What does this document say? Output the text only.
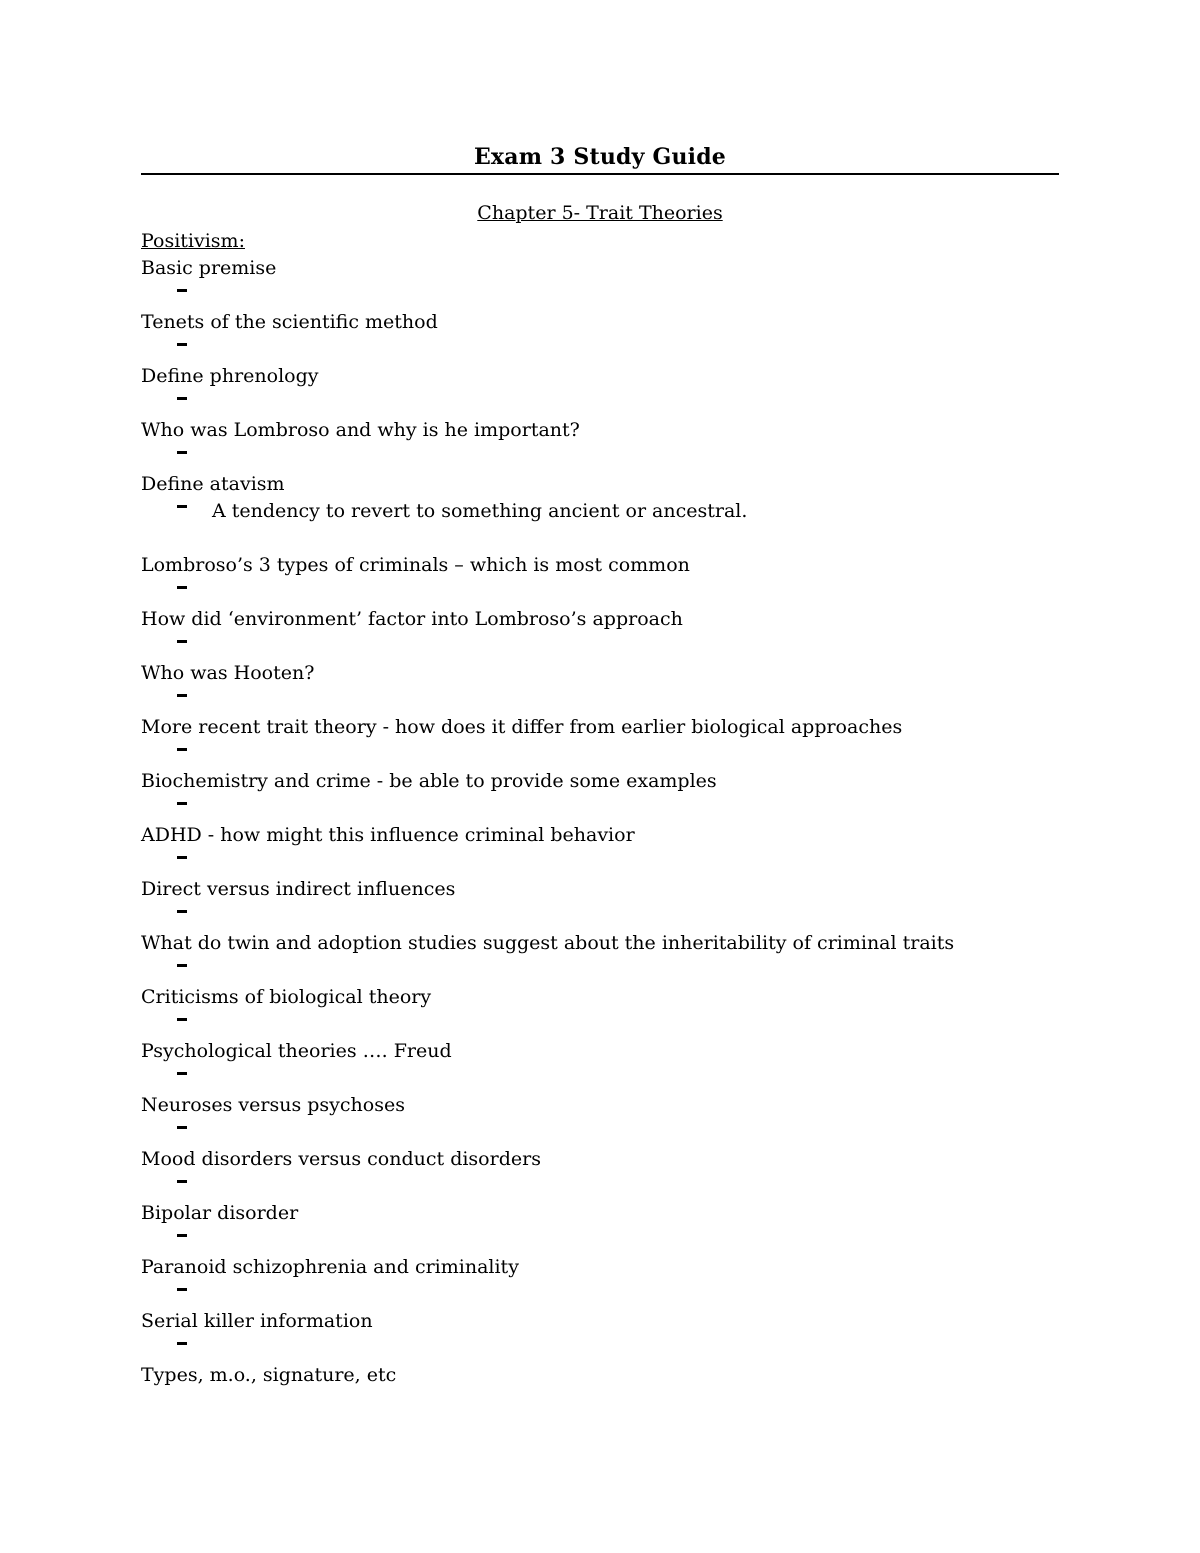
Exam 3 Study Guide
Chapter 5- Trait Theories
Positivism:
Basic premise
Tenets of the scientific method
Define phrenology
Who was Lombroso and why is he important?
Define atavism
A tendency to revert to something ancient or ancestral.
Lombroso’s 3 types of criminals – which is most common
How did ‘environment’ factor into Lombroso’s approach
Who was Hooten?
More recent trait theory - how does it differ from earlier biological approaches
Biochemistry and crime - be able to provide some examples
ADHD - how might this influence criminal behavior
Direct versus indirect influences
What do twin and adoption studies suggest about the inheritability of criminal traits
Criticisms of biological theory
Psychological theories …. Freud
Neuroses versus psychoses
Mood disorders versus conduct disorders
Bipolar disorder
Paranoid schizophrenia and criminality
Serial killer information
Types, m.o., signature, etc
